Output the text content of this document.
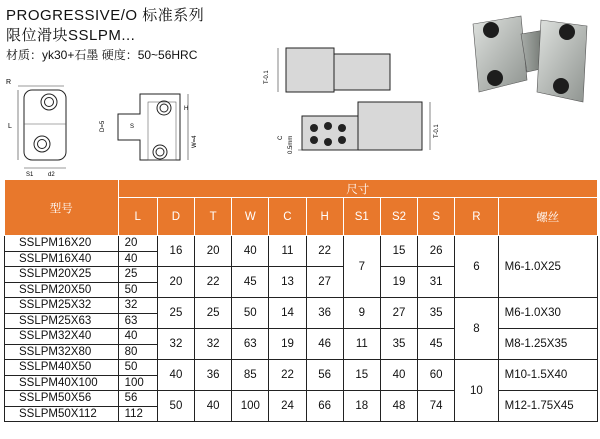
PROGRESSIVE/O 标准系列
限位滑块SSLPM...
材质：yk30+石墨 硬度：50~56HRC
R
L
S1 d2
D=5
W=4
H
S
T-0.1
C 0.5mm
T-0.1
型号	尺寸										
	L	D	T	W	C	H	S1	S2	S	R	螺丝
SSLPM16X20	20	16	20	40	11	22	7	15	26	6	M6-1.0X25
SSLPM16X40	40										
SSLPM20X25	25	20	22	45	13	27		19	31		
SSLPM20X50	50										
SSLPM25X32	32	25	25	50	14	36	9	27	35	8	M6-1.0X30
SSLPM25X63	63										
SSLPM32X40	40	32	32	63	19	46	11	35	45		M8-1.25X35
SSLPM32X80	80										
SSLPM40X50	50	40	36	85	22	56	15	40	60	10	M10-1.5X40
SSLPM40X100	100										
SSLPM50X56	56	50	40	100	24	66	18	48	74		M12-1.75X45
SSLPM50X112	112										
